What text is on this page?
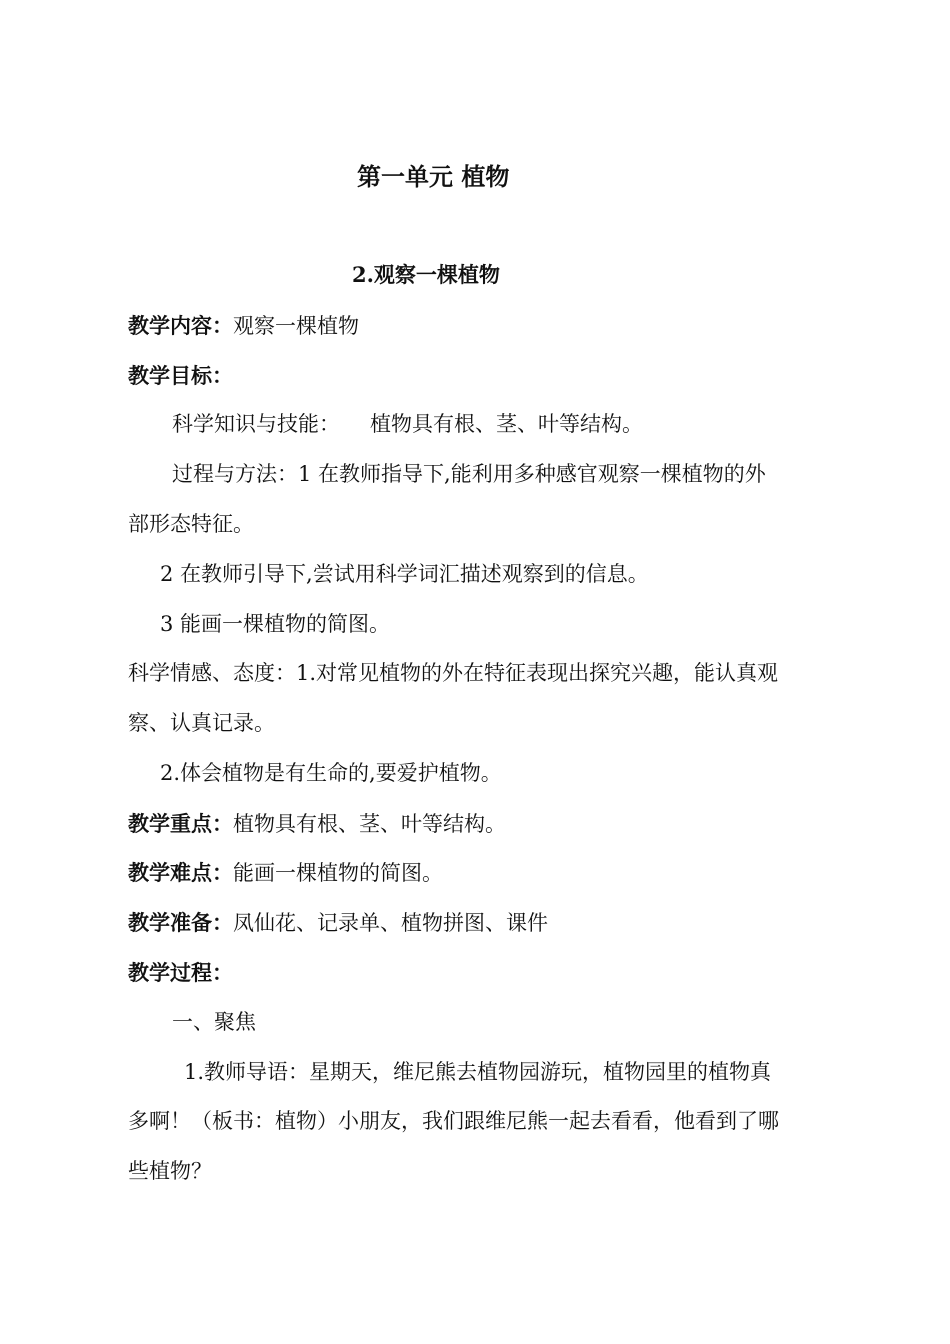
第一单元 植物
2.观察一棵植物
教学内容：观察一棵植物
教学目标：
科学知识与技能： 植物具有根、茎、叶等结构。
过程与方法：1 在教师指导下,能利用多种感官观察一棵植物的外
部形态特征。
2 在教师引导下,尝试用科学词汇描述观察到的信息。
3 能画一棵植物的简图。
科学情感、态度：1.对常见植物的外在特征表现出探究兴趣，能认真观
察、认真记录。
2.体会植物是有生命的,要爱护植物。
教学重点：植物具有根、茎、叶等结构。
教学难点：能画一棵植物的简图。
教学准备：凤仙花、记录单、植物拼图、课件
教学过程：
一、聚焦
1.教师导语：星期天，维尼熊去植物园游玩，植物园里的植物真
多啊！（板书：植物）小朋友，我们跟维尼熊一起去看看，他看到了哪
些植物？
